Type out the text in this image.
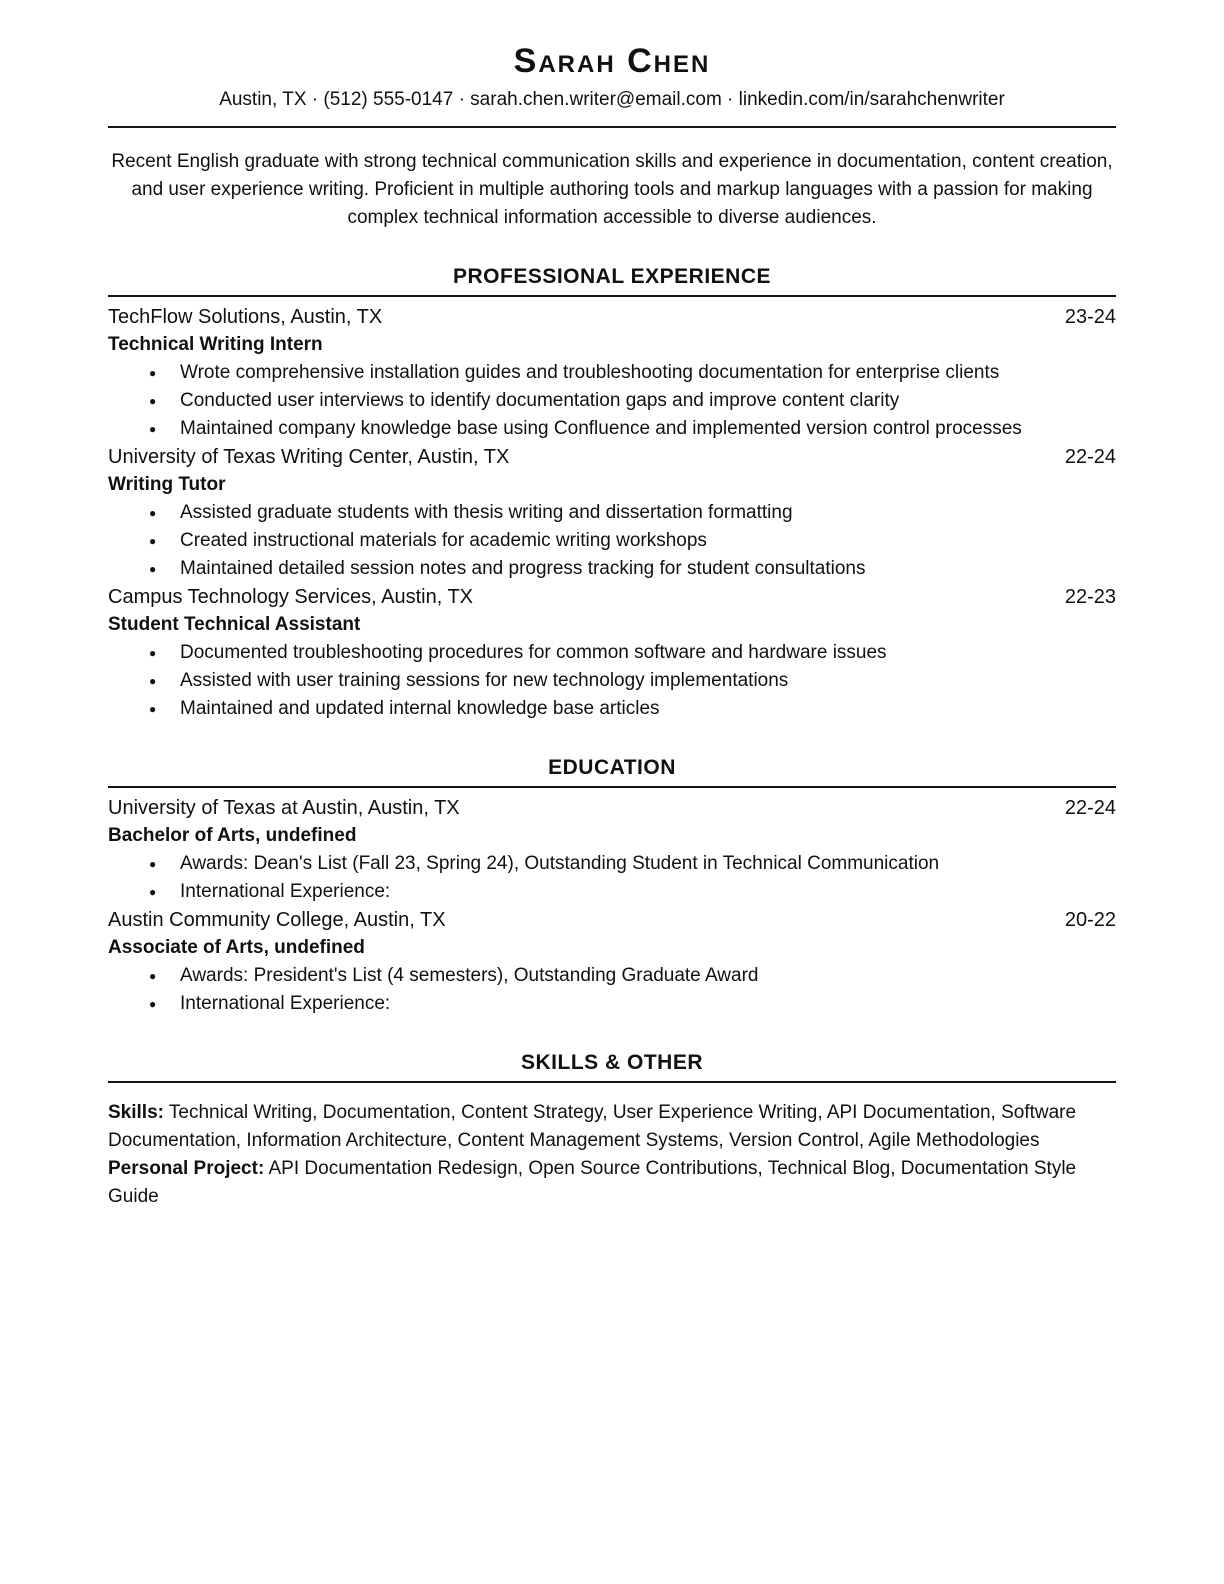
Sarah Chen

Austin, TX · (512) 555-0147 · sarah.chen.writer@email.com · linkedin.com/in/sarahchenwriter

Recent English graduate with strong technical communication skills and experience in documentation, content creation, and user experience writing. Proficient in multiple authoring tools and markup languages with a passion for making complex technical information accessible to diverse audiences.

PROFESSIONAL EXPERIENCE
TechFlow Solutions, Austin, TX	23-24
Technical Writing Intern
● Wrote comprehensive installation guides and troubleshooting documentation for enterprise clients
● Conducted user interviews to identify documentation gaps and improve content clarity
● Maintained company knowledge base using Confluence and implemented version control processes
University of Texas Writing Center, Austin, TX	22-24
Writing Tutor
● Assisted graduate students with thesis writing and dissertation formatting
● Created instructional materials for academic writing workshops
● Maintained detailed session notes and progress tracking for student consultations
Campus Technology Services, Austin, TX	22-23
Student Technical Assistant
● Documented troubleshooting procedures for common software and hardware issues
● Assisted with user training sessions for new technology implementations
● Maintained and updated internal knowledge base articles
EDUCATION
University of Texas at Austin, Austin, TX	22-24
Bachelor of Arts, undefined
● Awards: Dean's List (Fall 23, Spring 24), Outstanding Student in Technical Communication
● International Experience:
Austin Community College, Austin, TX	20-22
Associate of Arts, undefined
● Awards: President's List (4 semesters), Outstanding Graduate Award
● International Experience:
SKILLS & OTHER

Skills: Technical Writing, Documentation, Content Strategy, User Experience Writing, API Documentation, Software Documentation, Information Architecture, Content Management Systems, Version Control, Agile Methodologies

Personal Project: API Documentation Redesign, Open Source Contributions, Technical Blog, Documentation Style Guide
